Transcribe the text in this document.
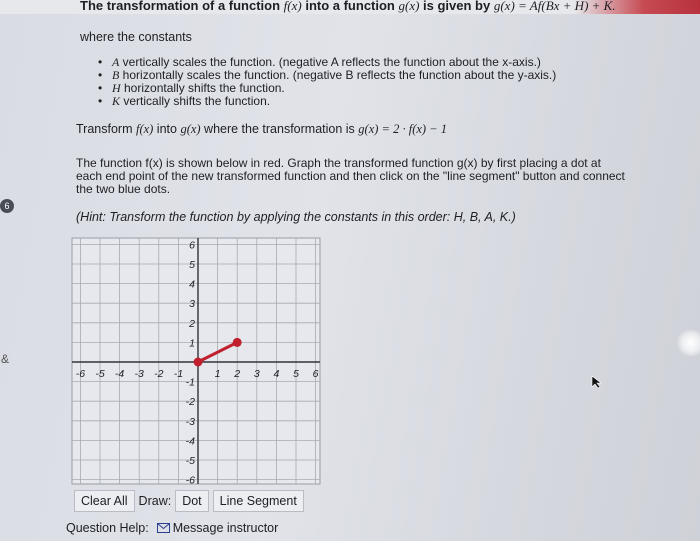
The transformation of a function f(x) into a function g(x) is given by g(x) = Af(Bx + H) + K.
where the constants
• A vertically scales the function. (negative A reflects the function about the x-axis.)
• B horizontally scales the function. (negative B reflects the function about the y-axis.)
• H horizontally shifts the function.
• K vertically shifts the function.
Transform f(x) into g(x) where the transformation is g(x) = 2 · f(x) − 1
The function f(x) is shown below in red. Graph the transformed function g(x) by first placing a dot at
each end point of the new transformed function and then click on the "line segment" button and connect
the two blue dots.
6
&
(Hint: Transform the function by applying the constants in this order: H, B, A, K.)
-6 -5 -4 -3 -2 -1	1 2 3 4 5 6
6
5
4
3
2
1
-1
-2
-3
-4
-5
-6
Clear All Draw: Dot	Line Segment
Question Help: Message instructor
